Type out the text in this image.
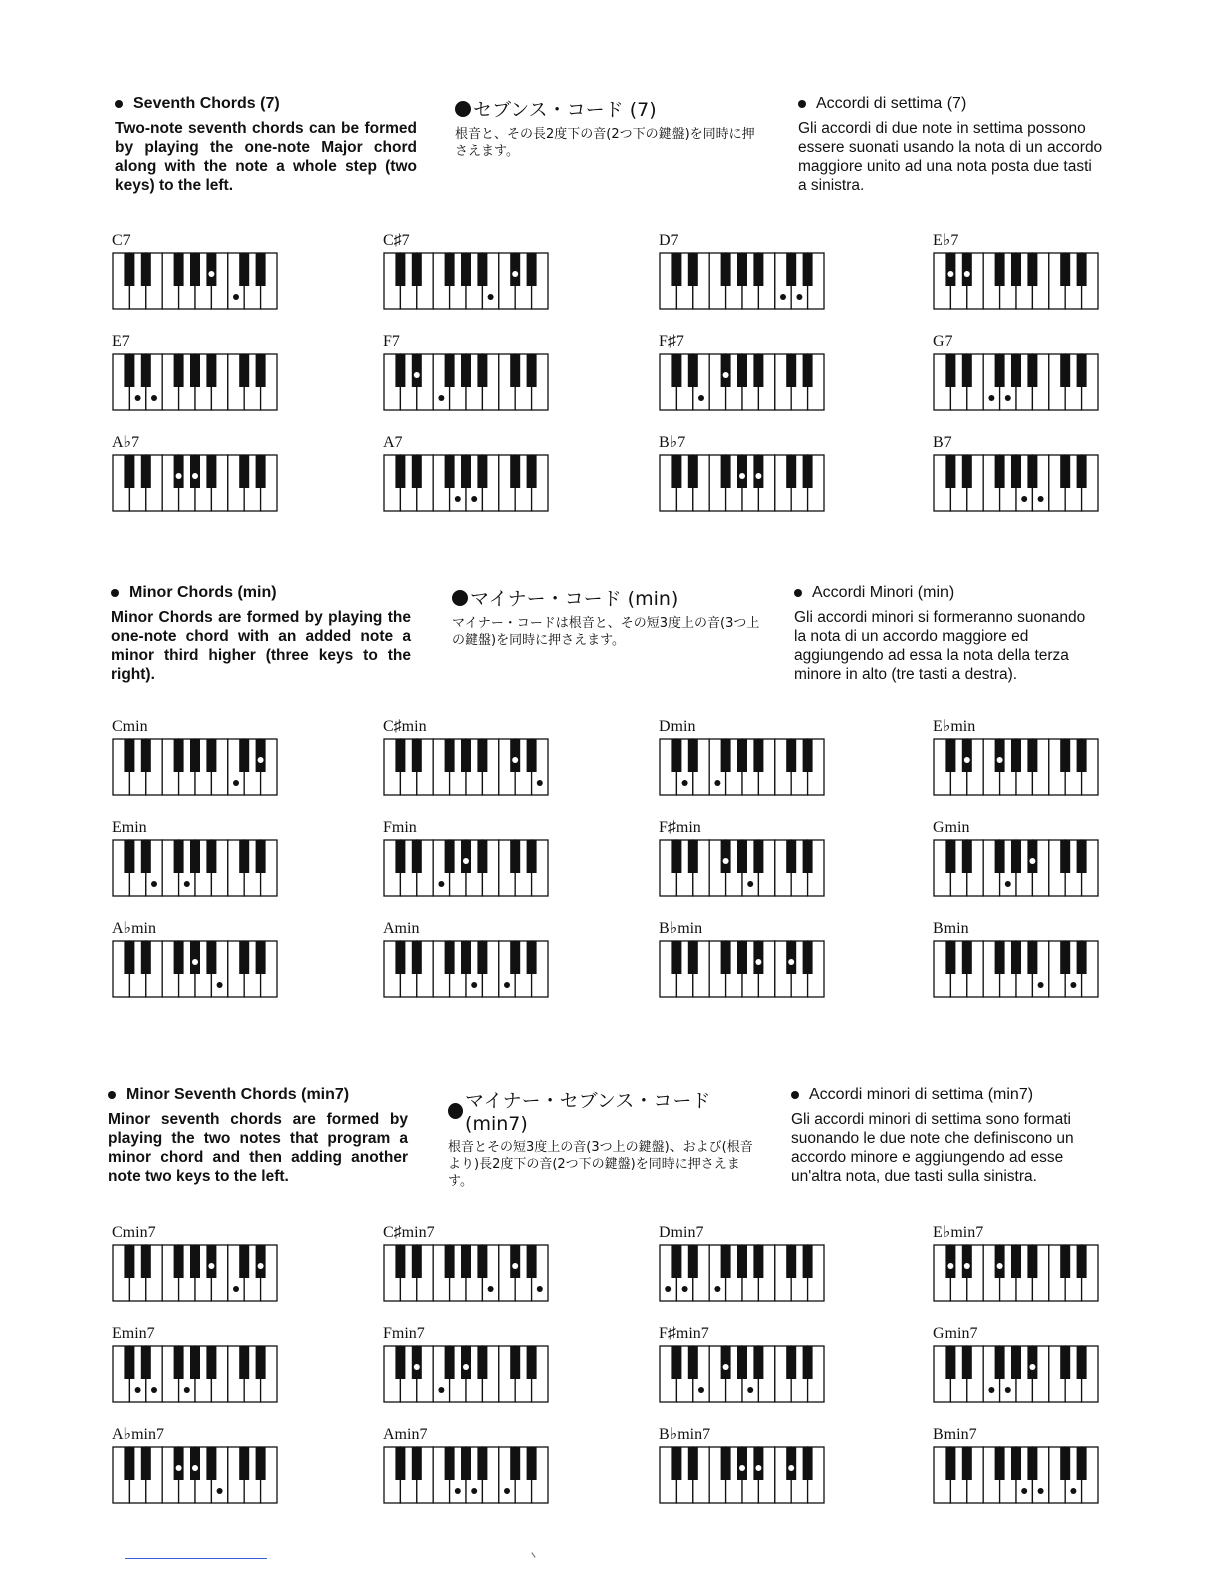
Seventh Chords (7)
Two-note seventh chords can be formed by playing the one-note Major chord along with the note a whole step (two keys) to the left.
セブンス・コード (7)
根音と、その長2度下の音(2つ下の鍵盤)を同時に押さえます。
Accordi di settima (7)
Gli accordi di due note in settima possono essere suonati usando la nota di un accordo maggiore unito ad una nota posta due tasti a sinistra.
C7	C♯7	D7	E♭7
E7	F7	F♯7	G7
A♭7	A7	B♭7	B7
Minor Chords (min)
Minor Chords are formed by playing the one-note chord with an added note a minor third higher (three keys to the right).
マイナー・コード (min)
マイナー・コードは根音と、その短3度上の音(3つ上の鍵盤)を同時に押さえます。
Accordi Minori (min)
Gli accordi minori si formeranno suonando la nota di un accordo maggiore ed aggiungendo ad essa la nota della terza minore in alto (tre tasti a destra).
Cmin	C♯min	Dmin	E♭min
Emin	Fmin	F♯min	Gmin
A♭min	Amin	B♭min	Bmin
Minor Seventh Chords (min7)
Minor seventh chords are formed by playing the two notes that program a minor chord and then adding another note two keys to the left.
マイナー・セブンス・コード (min7)
根音とその短3度上の音(3つ上の鍵盤)、および(根音より)長2度下の音(2つ下の鍵盤)を同時に押さえます。
Accordi minori di settima (min7)
Gli accordi minori di settima sono formati suonando le due note che definiscono un accordo minore e aggiungendo ad esse un'altra nota, due tasti sulla sinistra.
Cmin7	C♯min7	Dmin7	E♭min7
Emin7	Fmin7	F♯min7	Gmin7
A♭min7	Amin7	B♭min7	Bmin7
